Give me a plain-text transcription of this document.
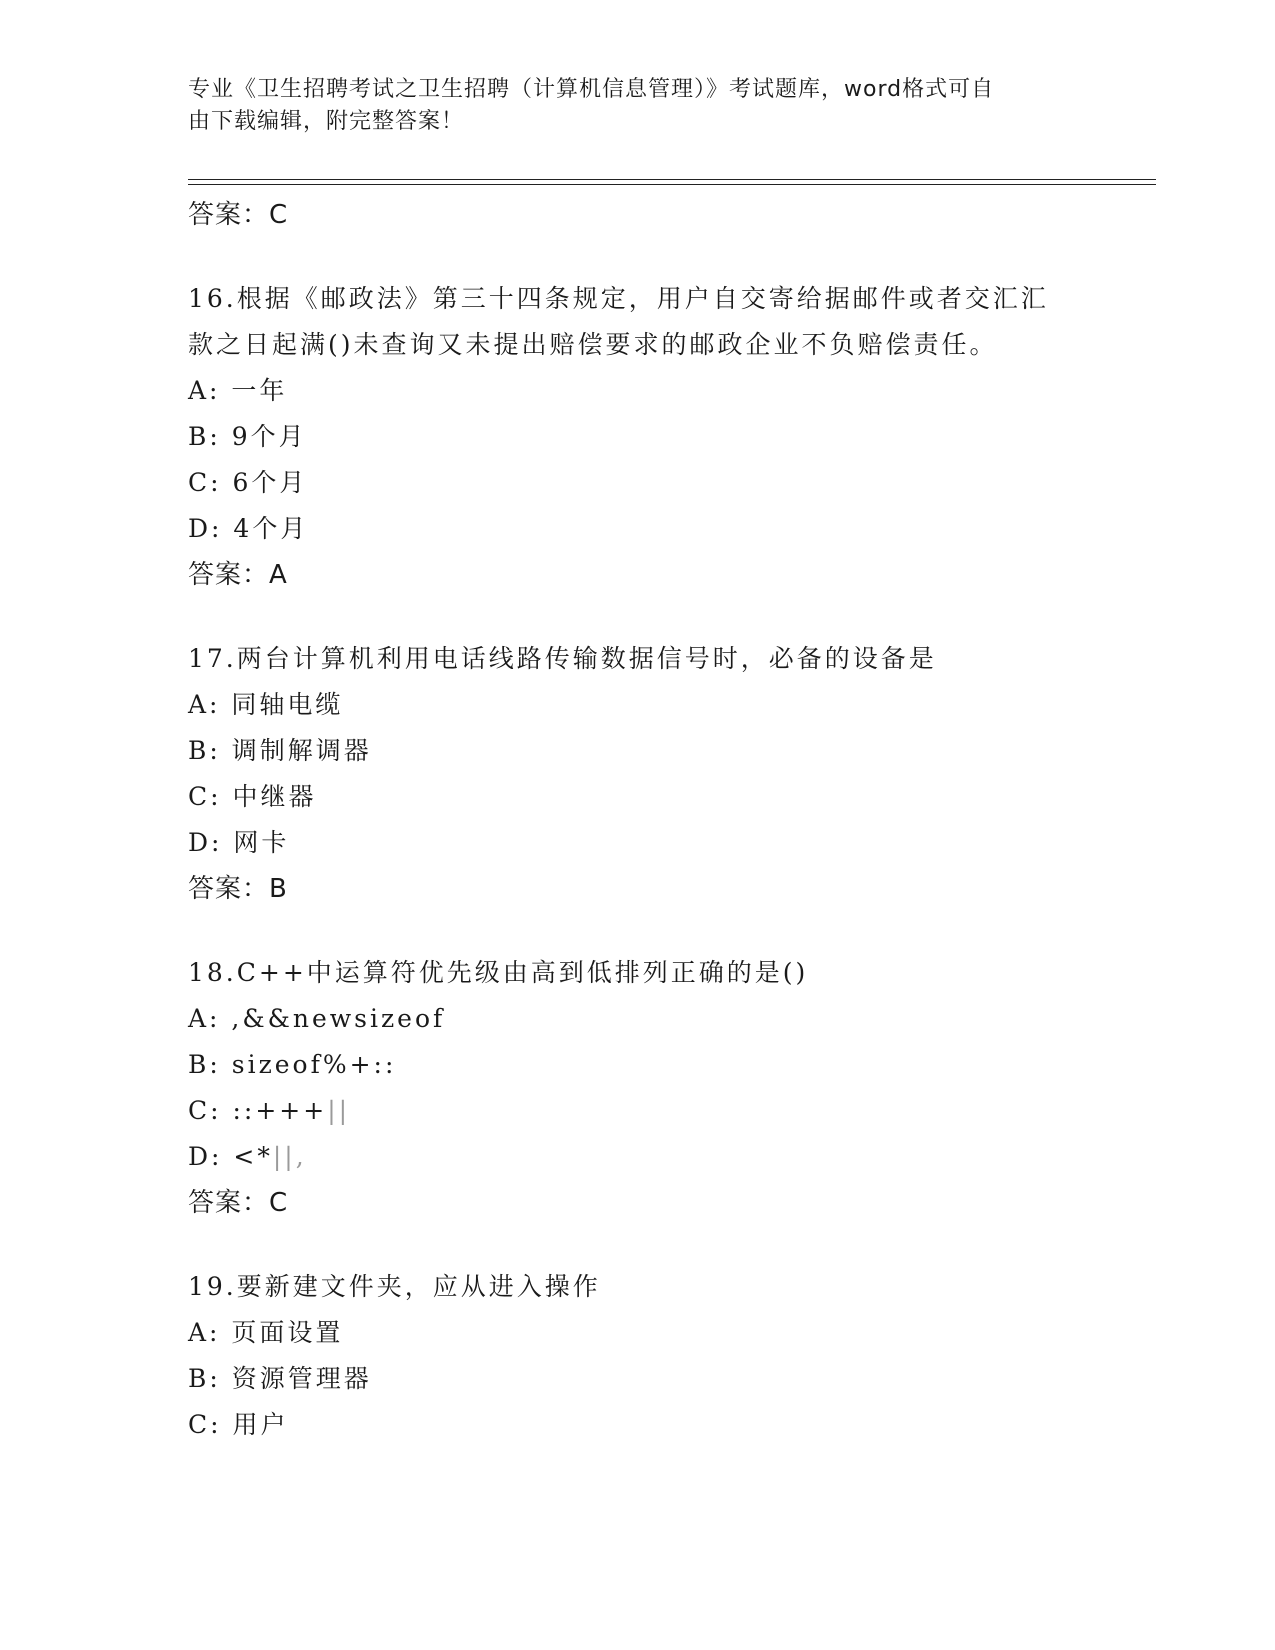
专业《卫生招聘考试之卫生招聘（计算机信息管理）》考试题库，word格式可自
由下载编辑，附完整答案！
答案：C
16.根据《邮政法》第三十四条规定，用户自交寄给据邮件或者交汇汇
款之日起满()未查询又未提出赔偿要求的邮政企业不负赔偿责任。
A: 一年
B: 9个月
C: 6个月
D: 4个月
答案：A
17.两台计算机利用电话线路传输数据信号时，必备的设备是
A: 同轴电缆
B: 调制解调器
C: 中继器
D: 网卡
答案：B
18.C++中运算符优先级由高到低排列正确的是()
A: ,&&newsizeof
B: sizeof%+::
C: ::+++||
D: <*||,
答案：C
19.要新建文件夹，应从进入操作
A: 页面设置
B: 资源管理器
C: 用户
